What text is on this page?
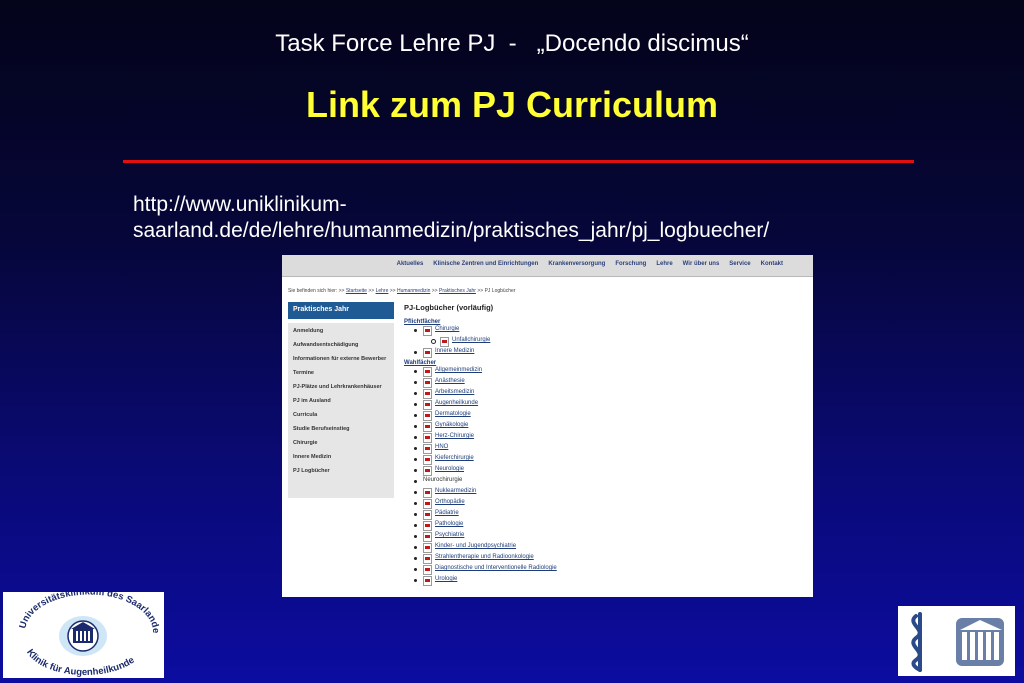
Task Force Lehre PJ  -   „Docendo discimus“
Link zum PJ Curriculum
http://www.uniklinikum-
saarland.de/de/lehre/humanmedizin/praktisches_jahr/pj_logbuecher/
Aktuelles Klinische Zentren und Einrichtungen Krankenversorgung Forschung Lehre Wir über uns Service Kontakt
Sie befinden sich hier: >> Startseite >> Lehre >> Humanmedizin >> Praktisches Jahr >> PJ Logbücher
Praktisches Jahr
Anmeldung
Aufwandsentschädigung
Informationen für externe Bewerber
Termine
PJ-Plätze und Lehrkrankenhäuser
PJ im Ausland
Curricula
Studie Berufseinstieg
Chirurgie
Innere Medizin
PJ Logbücher
PJ-Logbücher (vorläufig)
Pflichtfächer
Chirurgie
Unfallchirurgie
Innere Medizin
Wahlfächer
Allgemeinmedizin
Anästhesie
Arbeitsmedizin
Augenheilkunde
Dermatologie
Gynäkologie
Herz-Chirurgie
HNO
Kieferchirurgie
Neurologie
Neurochirurgie
Nuklearmedizin
Orthopädie
Pädiatrie
Pathologie
Psychiatrie
Kinder- und Jugendpsychiatrie
Strahlentherapie und Radioonkologie
Diagnostische und Interventionelle Radiologie
Urologie
Universitätsklini um des Saarlande
Klinik für Augenheilkunde
